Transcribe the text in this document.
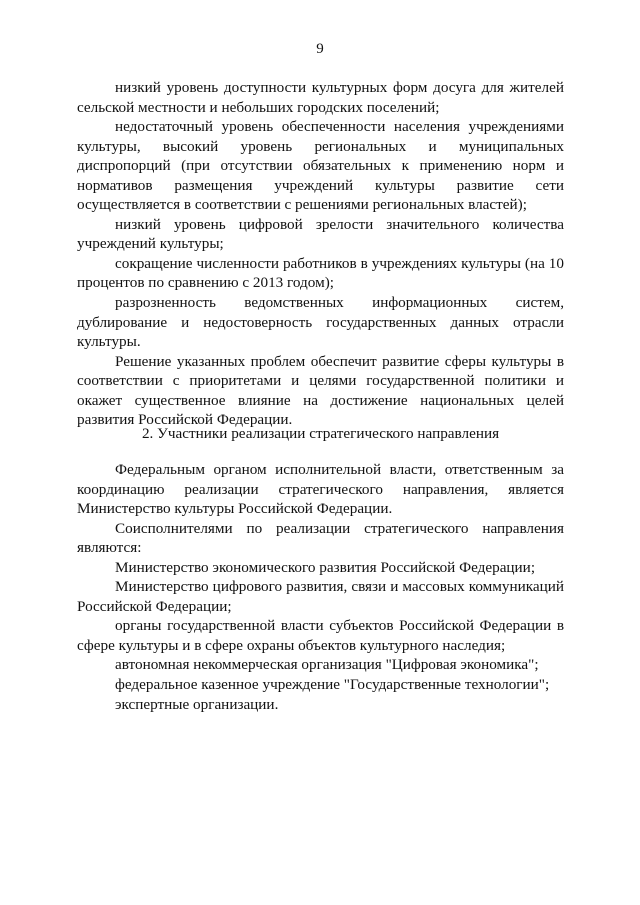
9

низкий уровень доступности культурных форм досуга для жителей сельской местности и небольших городских поселений;

недостаточный уровень обеспеченности населения учреждениями культуры, высокий уровень региональных и муниципальных диспропорций (при отсутствии обязательных к применению норм и нормативов размещения учреждений культуры развитие сети осуществляется в соответствии с решениями региональных властей);

низкий уровень цифровой зрелости значительного количества учреждений культуры;

сокращение численности работников в учреждениях культуры (на 10 процентов по сравнению с 2013 годом);

разрозненность ведомственных информационных систем, дублирование и недостоверность государственных данных отрасли культуры.

Решение указанных проблем обеспечит развитие сферы культуры в соответствии с приоритетами и целями государственной политики и окажет существенное влияние на достижение национальных целей развития Российской Федерации.

2. Участники реализации стратегического направления

Федеральным органом исполнительной власти, ответственным за координацию реализации стратегического направления, является Министерство культуры Российской Федерации.

Соисполнителями по реализации стратегического направления являются:

Министерство экономического развития Российской Федерации;

Министерство цифрового развития, связи и массовых коммуникаций Российской Федерации;

органы государственной власти субъектов Российской Федерации в сфере культуры и в сфере охраны объектов культурного наследия;

автономная некоммерческая организация "Цифровая экономика";

федеральное казенное учреждение "Государственные технологии";

экспертные организации.
